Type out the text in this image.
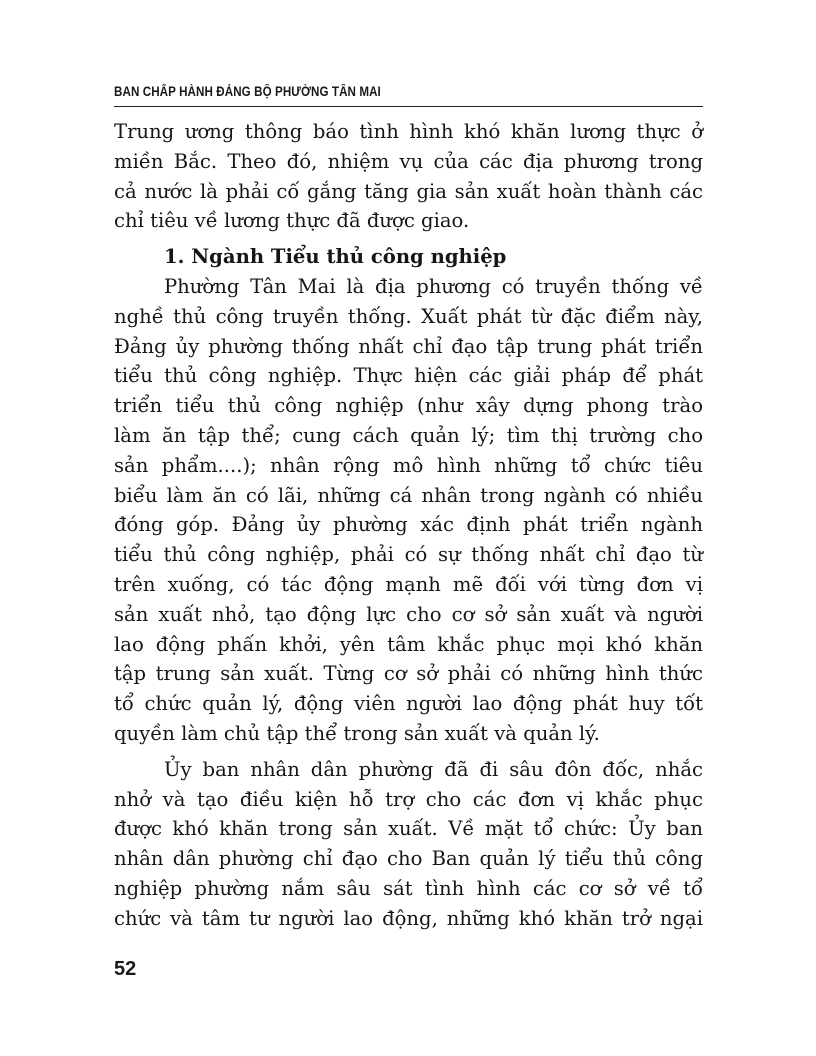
BAN CHẤP HÀNH ĐẢNG BỘ PHƯỜNG TÂN MAI

Trung ương thông báo tình hình khó khăn lương thực ở
miền Bắc. Theo đó, nhiệm vụ của các địa phương trong
cả nước là phải cố gắng tăng gia sản xuất hoàn thành các

chỉ tiêu về lương thực đã được giao.

1. Ngành Tiểu thủ công nghiệp

Phường Tân Mai là địa phương có truyền thống về
nghề thủ công truyền thống. Xuất phát từ đặc điểm này,
Đảng ủy phường thống nhất chỉ đạo tập trung phát triển
tiểu thủ công nghiệp. Thực hiện các giải pháp để phát
triển tiểu thủ công nghiệp (như xây dựng phong trào
làm ăn tập thể; cung cách quản lý; tìm thị trường cho
sản phẩm....); nhân rộng mô hình những tổ chức tiêu
biểu làm ăn có lãi, những cá nhân trong ngành có nhiều
đóng góp. Đảng ủy phường xác định phát triển ngành
tiểu thủ công nghiệp, phải có sự thống nhất chỉ đạo từ
trên xuống, có tác động mạnh mẽ đối với từng đơn vị
sản xuất nhỏ, tạo động lực cho cơ sở sản xuất và người
lao động phấn khởi, yên tâm khắc phục mọi khó khăn
tập trung sản xuất. Từng cơ sở phải có những hình thức
tổ chức quản lý, động viên người lao động phát huy tốt

quyền làm chủ tập thể trong sản xuất và quản lý.

Ủy ban nhân dân phường đã đi sâu đôn đốc, nhắc
nhở và tạo điều kiện hỗ trợ cho các đơn vị khắc phục
được khó khăn trong sản xuất. Về mặt tổ chức: Ủy ban
nhân dân phường chỉ đạo cho Ban quản lý tiểu thủ công
nghiệp phường nắm sâu sát tình hình các cơ sở về tổ
chức và tâm tư người lao động, những khó khăn trở ngại

52
